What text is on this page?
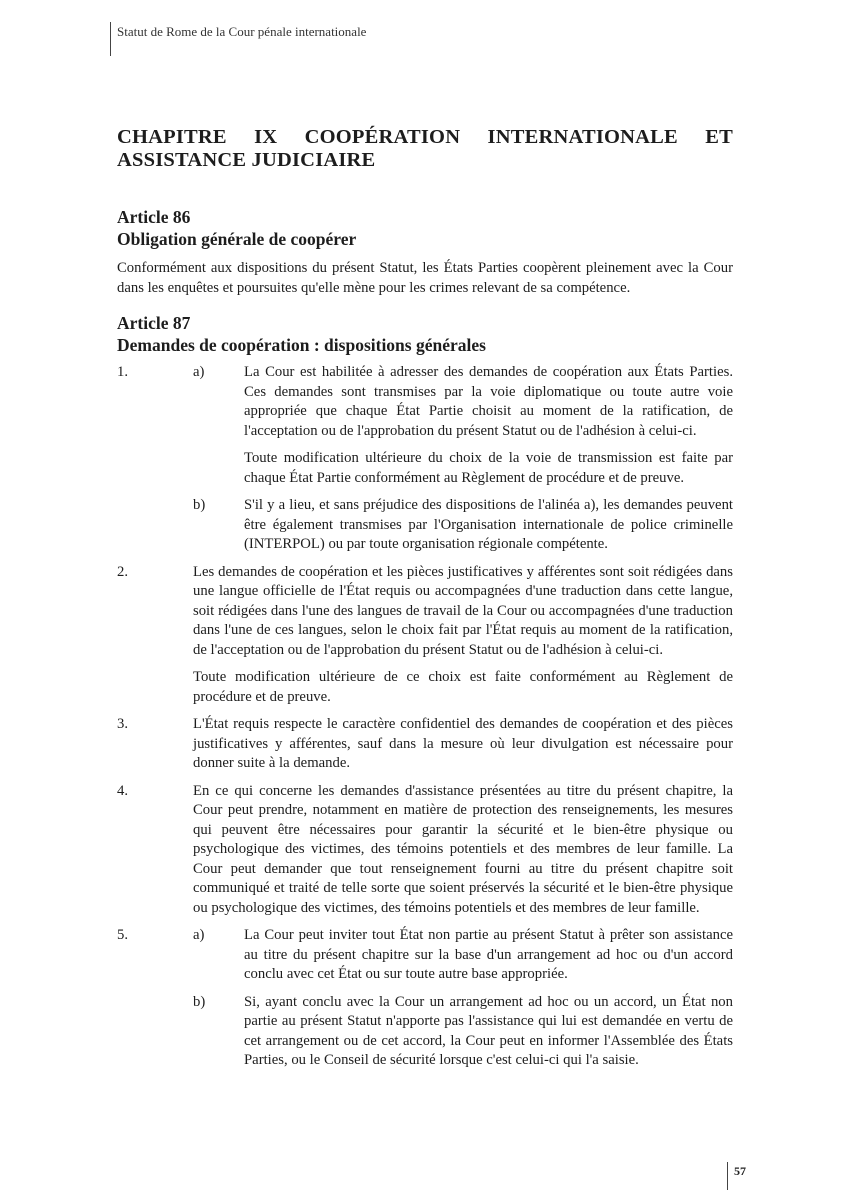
Statut de Rome de la Cour pénale internationale
CHAPITRE IX COOPÉRATION INTERNATIONALE ET
ASSISTANCE JUDICIAIRE

Article 86

Obligation générale de coopérer

Conformément aux dispositions du présent Statut, les États Parties coopèrent pleinement avec la Cour dans les enquêtes et poursuites qu'elle mène pour les crimes relevant de sa compétence.

Article 87

Demandes de coopération : dispositions générales

1.	a)	La Cour est habilitée à adresser des demandes de coopération aux États Parties. Ces demandes sont transmises par la voie diplomatique ou toute autre voie appropriée que chaque État Partie choisit au moment de la ratification, de l'acceptation ou de l'approbation du présent Statut ou de l'adhésion à celui-ci.

Toute modification ultérieure du choix de la voie de transmission est faite par chaque État Partie conformément au Règlement de procédure et de preuve.

b)	S'il y a lieu, et sans préjudice des dispositions de l'alinéa a), les demandes peuvent être également transmises par l'Organisation internationale de police criminelle (INTERPOL) ou par toute organisation régionale compétente.

2.	Les demandes de coopération et les pièces justificatives y afférentes sont soit rédigées dans une langue officielle de l'État requis ou accompagnées d'une traduction dans cette langue, soit rédigées dans l'une des langues de travail de la Cour ou accompagnées d'une traduction dans l'une de ces langues, selon le choix fait par l'État requis au moment de la ratification, de l'acceptation ou de l'approbation du présent Statut ou de l'adhésion à celui-ci.

Toute modification ultérieure de ce choix est faite conformément au Règlement de procédure et de preuve.

3.	L'État requis respecte le caractère confidentiel des demandes de coopération et des pièces justificatives y afférentes, sauf dans la mesure où leur divulgation est nécessaire pour donner suite à la demande.

4.	En ce qui concerne les demandes d'assistance présentées au titre du présent chapitre, la Cour peut prendre, notamment en matière de protection des renseignements, les mesures qui peuvent être nécessaires pour garantir la sécurité et le bien-être physique ou psychologique des victimes, des témoins potentiels et des membres de leur famille. La Cour peut demander que tout renseignement fourni au titre du présent chapitre soit communiqué et traité de telle sorte que soient préservés la sécurité et le bien-être physique ou psychologique des victimes, des témoins potentiels et des membres de leur famille.

5.	a)	La Cour peut inviter tout État non partie au présent Statut à prêter son assistance au titre du présent chapitre sur la base d'un arrangement ad hoc ou d'un accord conclu avec cet État ou sur toute autre base appropriée.

b)	Si, ayant conclu avec la Cour un arrangement ad hoc ou un accord, un État non partie au présent Statut n'apporte pas l'assistance qui lui est demandée en vertu de cet arrangement ou de cet accord, la Cour peut en informer l'Assemblée des États Parties, ou le Conseil de sécurité lorsque c'est celui-ci qui l'a saisie.

57
